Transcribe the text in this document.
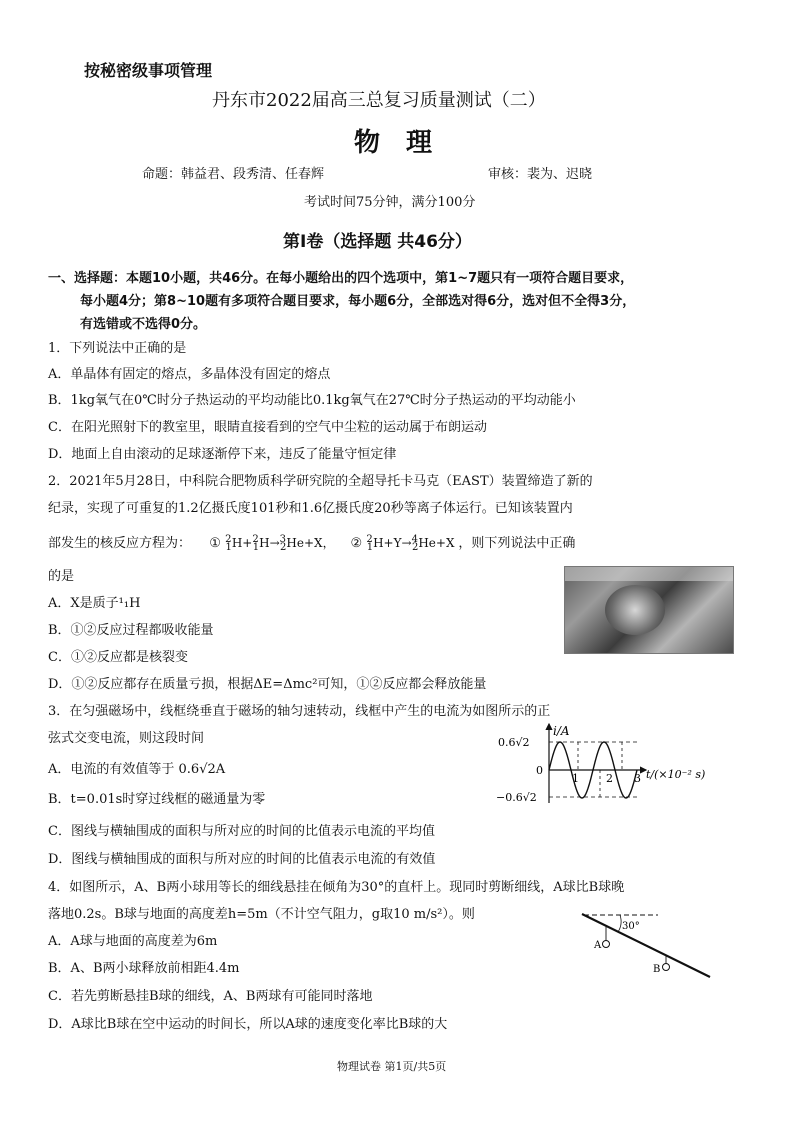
按秘密级事项管理
丹东市2022届高三总复习质量测试（二）
物　理
命题：韩益君、段秀清、任春辉	审核：裴为、迟晓
考试时间75分钟，满分100分
第Ⅰ卷（选择题 共46分）
一、选择题：本题10小题，共46分。在每小题给出的四个选项中，第1~7题只有一项符合题目要求，
每小题4分；第8~10题有多项符合题目要求，每小题6分，全部选对得6分，选对但不全得3分，
有选错或不选得0分。
1．下列说法中正确的是
A．单晶体有固定的熔点，多晶体没有固定的熔点
B．1kg氧气在0℃时分子热运动的平均动能比0.1kg氧气在27℃时分子热运动的平均动能小
C．在阳光照射下的教室里，眼睛直接看到的空气中尘粒的运动属于布朗运动
D．地面上自由滚动的足球逐渐停下来，违反了能量守恒定律
2．2021年5月28日，中科院合肥物质科学研究院的全超导托卡马克（EAST）装置缔造了新的
纪录，实现了可重复的1.2亿摄氏度101秒和1.6亿摄氏度20秒等离子体运行。已知该装置内
部发生的核反应方程为： ① $^2_1$H+$^2_1$H→$^3_2$He+X，  ② $^2_1$H+Y→$^4_2$He+X ，则下列说法中正确
的是
A．X是质子¹₁H
B．①②反应过程都吸收能量
C．①②反应都是核裂变
D．①②反应都存在质量亏损，根据ΔE=Δmc²可知，①②反应都会释放能量
3．在匀强磁场中，线框绕垂直于磁场的轴匀速转动，线框中产生的电流为如图所示的正
弦式交变电流，则这段时间
A．电流的有效值等于 0.6√2A
B．t=0.01s时穿过线框的磁通量为零
C．图线与横轴围成的面积与所对应的时间的比值表示电流的平均值
D．图线与横轴围成的面积与所对应的时间的比值表示电流的有效值
i/A
0.6√2
0
−0.6√2
1 2 3 t/(×10⁻² s)
4．如图所示，A、B两小球用等长的细线悬挂在倾角为30°的直杆上。现同时剪断细线，A球比B球晚
落地0.2s。B球与地面的高度差h=5m（不计空气阻力，g取10 m/s²）。则
A．A球与地面的高度差为6m
B．A、B两小球释放前相距4.4m
C．若先剪断悬挂B球的细线，A、B两球有可能同时落地
D．A球比B球在空中运动的时间长，所以A球的速度变化率比B球的大
30°
A
B
物理试卷 第1页/共5页
